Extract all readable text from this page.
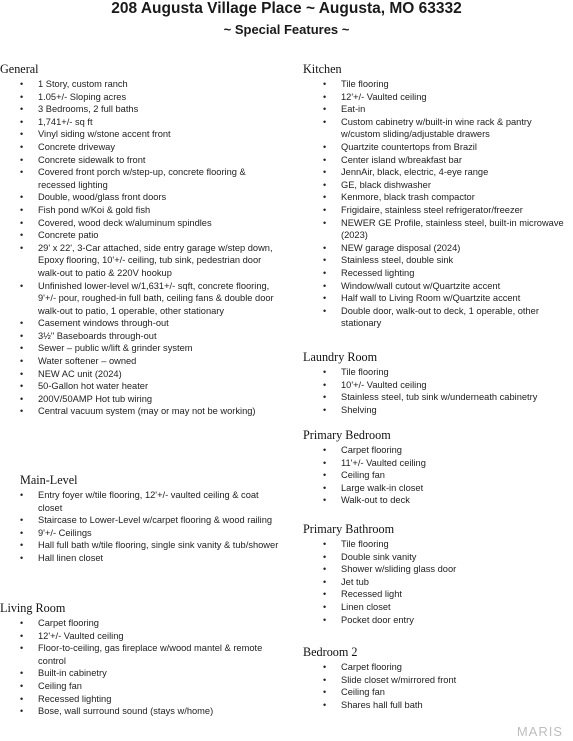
208 Augusta Village Place ~ Augusta, MO 63332
~ Special Features ~
General
• 1 Story, custom ranch
• 1.05+/- Sloping acres
• 3 Bedrooms, 2 full baths
• 1,741+/- sq ft
• Vinyl siding w/stone accent front
• Concrete driveway
• Concrete sidewalk to front
• Covered front porch w/step-up, concrete flooring & recessed lighting
• Double, wood/glass front doors
• Fish pond w/Koi & gold fish
• Covered, wood deck w/aluminum spindles
• Concrete patio
• 29' x 22', 3-Car attached, side entry garage w/step down, Epoxy flooring, 10'+/- ceiling, tub sink, pedestrian door walk-out to patio & 220V hookup
• Unfinished lower-level w/1,631+/- sqft, concrete flooring, 9'+/- pour, roughed-in full bath, ceiling fans & double door walk-out to patio, 1 operable, other stationary
• Casement windows through-out
• 3½" Baseboards through-out
• Sewer – public w/lift & grinder system
• Water softener – owned
• NEW AC unit (2024)
• 50-Gallon hot water heater
• 200V/50AMP Hot tub wiring
• Central vacuum system (may or may not be working)
Main-Level
• Entry foyer w/tile flooring, 12'+/- vaulted ceiling & coat closet
• Staircase to Lower-Level w/carpet flooring & wood railing
• 9'+/- Ceilings
• Hall full bath w/tile flooring, single sink vanity & tub/shower
• Hall linen closet
Living Room
• Carpet flooring
• 12'+/- Vaulted ceiling
• Floor-to-ceiling, gas fireplace w/wood mantel & remote control
• Built-in cabinetry
• Ceiling fan
• Recessed lighting
• Bose, wall surround sound (stays w/home)
Kitchen
• Tile flooring
• 12'+/- Vaulted ceiling
• Eat-in
• Custom cabinetry w/built-in wine rack & pantry w/custom sliding/adjustable drawers
• Quartzite countertops from Brazil
• Center island w/breakfast bar
• JennAir, black, electric, 4-eye range
• GE, black dishwasher
• Kenmore, black trash compactor
• Frigidaire, stainless steel refrigerator/freezer
• NEWER GE Profile, stainless steel, built-in microwave (2023)
• NEW garage disposal (2024)
• Stainless steel, double sink
• Recessed lighting
• Window/wall cutout w/Quartzite accent
• Half wall to Living Room w/Quartzite accent
• Double door, walk-out to deck, 1 operable, other stationary
Laundry Room
• Tile flooring
• 10'+/- Vaulted ceiling
• Stainless steel, tub sink w/underneath cabinetry
• Shelving
Primary Bedroom
• Carpet flooring
• 11'+/- Vaulted ceiling
• Ceiling fan
• Large walk-in closet
• Walk-out to deck
Primary Bathroom
• Tile flooring
• Double sink vanity
• Shower w/sliding glass door
• Jet tub
• Recessed light
• Linen closet
• Pocket door entry
Bedroom 2
• Carpet flooring
• Slide closet w/mirrored front
• Ceiling fan
• Shares hall full bath
MARIS
